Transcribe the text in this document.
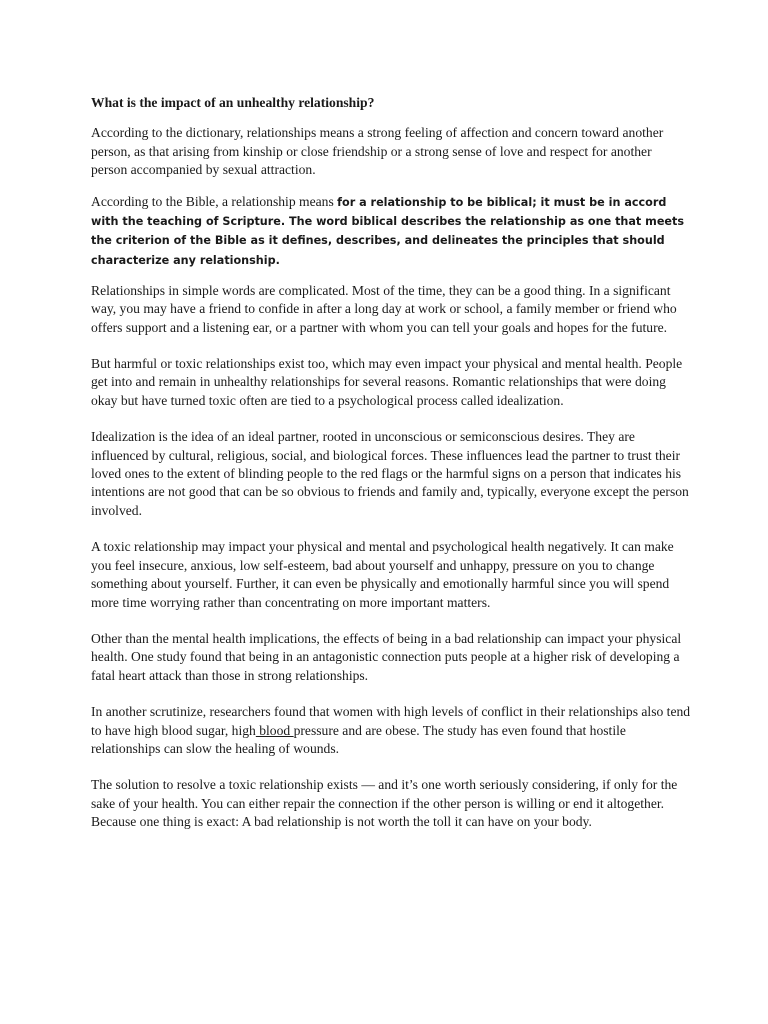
What is the impact of an unhealthy relationship?

According to the dictionary, relationships means a strong feeling of affection and concern toward another person, as that arising from kinship or close friendship or a strong sense of love and respect for another person accompanied by sexual attraction.

According to the Bible, a relationship means for a relationship to be biblical; it must be in accord with the teaching of Scripture. The word biblical describes the relationship as one that meets the criterion of the Bible as it defines, describes, and delineates the principles that should characterize any relationship.

Relationships in simple words are complicated. Most of the time, they can be a good thing. In a significant way, you may have a friend to confide in after a long day at work or school, a family member or friend who offers support and a listening ear, or a partner with whom you can tell your goals and hopes for the future.

But harmful or toxic relationships exist too, which may even impact your physical and mental health. People get into and remain in unhealthy relationships for several reasons. Romantic relationships that were doing okay but have turned toxic often are tied to a psychological process called idealization.

Idealization is the idea of an ideal partner, rooted in unconscious or semiconscious desires. They are influenced by cultural, religious, social, and biological forces. These influences lead the partner to trust their loved ones to the extent of blinding people to the red flags or the harmful signs on a person that indicates his intentions are not good that can be so obvious to friends and family and, typically, everyone except the person involved.

A toxic relationship may impact your physical and mental and psychological health negatively. It can make you feel insecure, anxious, low self-esteem, bad about yourself and unhappy, pressure on you to change something about yourself. Further, it can even be physically and emotionally harmful since you will spend more time worrying rather than concentrating on more important matters.

Other than the mental health implications, the effects of being in a bad relationship can impact your physical health. One study found that being in an antagonistic connection puts people at a higher risk of developing a fatal heart attack than those in strong relationships.

In another scrutinize, researchers found that women with high levels of conflict in their relationships also tend to have high blood sugar, high blood pressure and are obese. The study has even found that hostile relationships can slow the healing of wounds.

The solution to resolve a toxic relationship exists — and it’s one worth seriously considering, if only for the sake of your health. You can either repair the connection if the other person is willing or end it altogether. Because one thing is exact: A bad relationship is not worth the toll it can have on your body.
